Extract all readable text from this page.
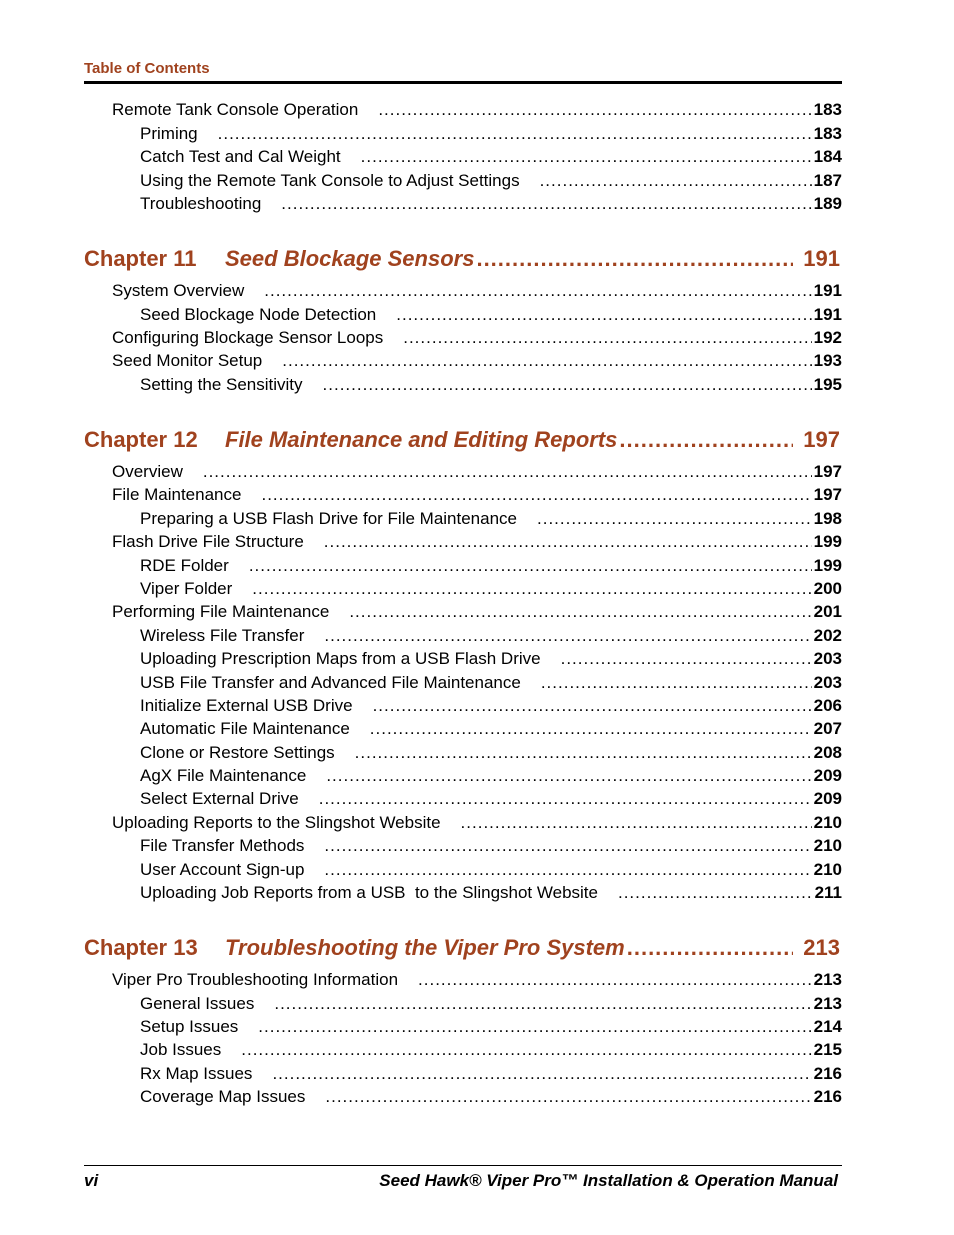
Table of Contents
Remote Tank Console Operation .....	183
Priming .....	183
Catch Test and Cal Weight .....	184
Using the Remote Tank Console to Adjust Settings .....	187
Troubleshooting .....	189
Chapter 11	Seed Blockage Sensors .....	191
System Overview .....	191
Seed Blockage Node Detection .....	191
Configuring Blockage Sensor Loops .....	192
Seed Monitor Setup .....	193
Setting the Sensitivity .....	195
Chapter 12	File Maintenance and Editing Reports .....	197
Overview .....	197
File Maintenance .....	197
Preparing a USB Flash Drive for File Maintenance .....	198
Flash Drive File Structure .....	199
RDE Folder .....	199
Viper Folder .....	200
Performing File Maintenance .....	201
Wireless File Transfer .....	202
Uploading Prescription Maps from a USB Flash Drive .....	203
USB File Transfer and Advanced File Maintenance .....	203
Initialize External USB Drive .....	206
Automatic File Maintenance .....	207
Clone or Restore Settings .....	208
AgX File Maintenance .....	209
Select External Drive .....	209
Uploading Reports to the Slingshot Website .....	210
File Transfer Methods .....	210
User Account Sign-up .....	210
Uploading Job Reports from a USB  to the Slingshot Website .....	211
Chapter 13	Troubleshooting the Viper Pro System .....	213
Viper Pro Troubleshooting Information .....	213
General Issues .....	213
Setup Issues .....	214
Job Issues .....	215
Rx Map Issues .....	216
Coverage Map Issues .....	216
vi	Seed Hawk® Viper Pro™ Installation & Operation Manual
